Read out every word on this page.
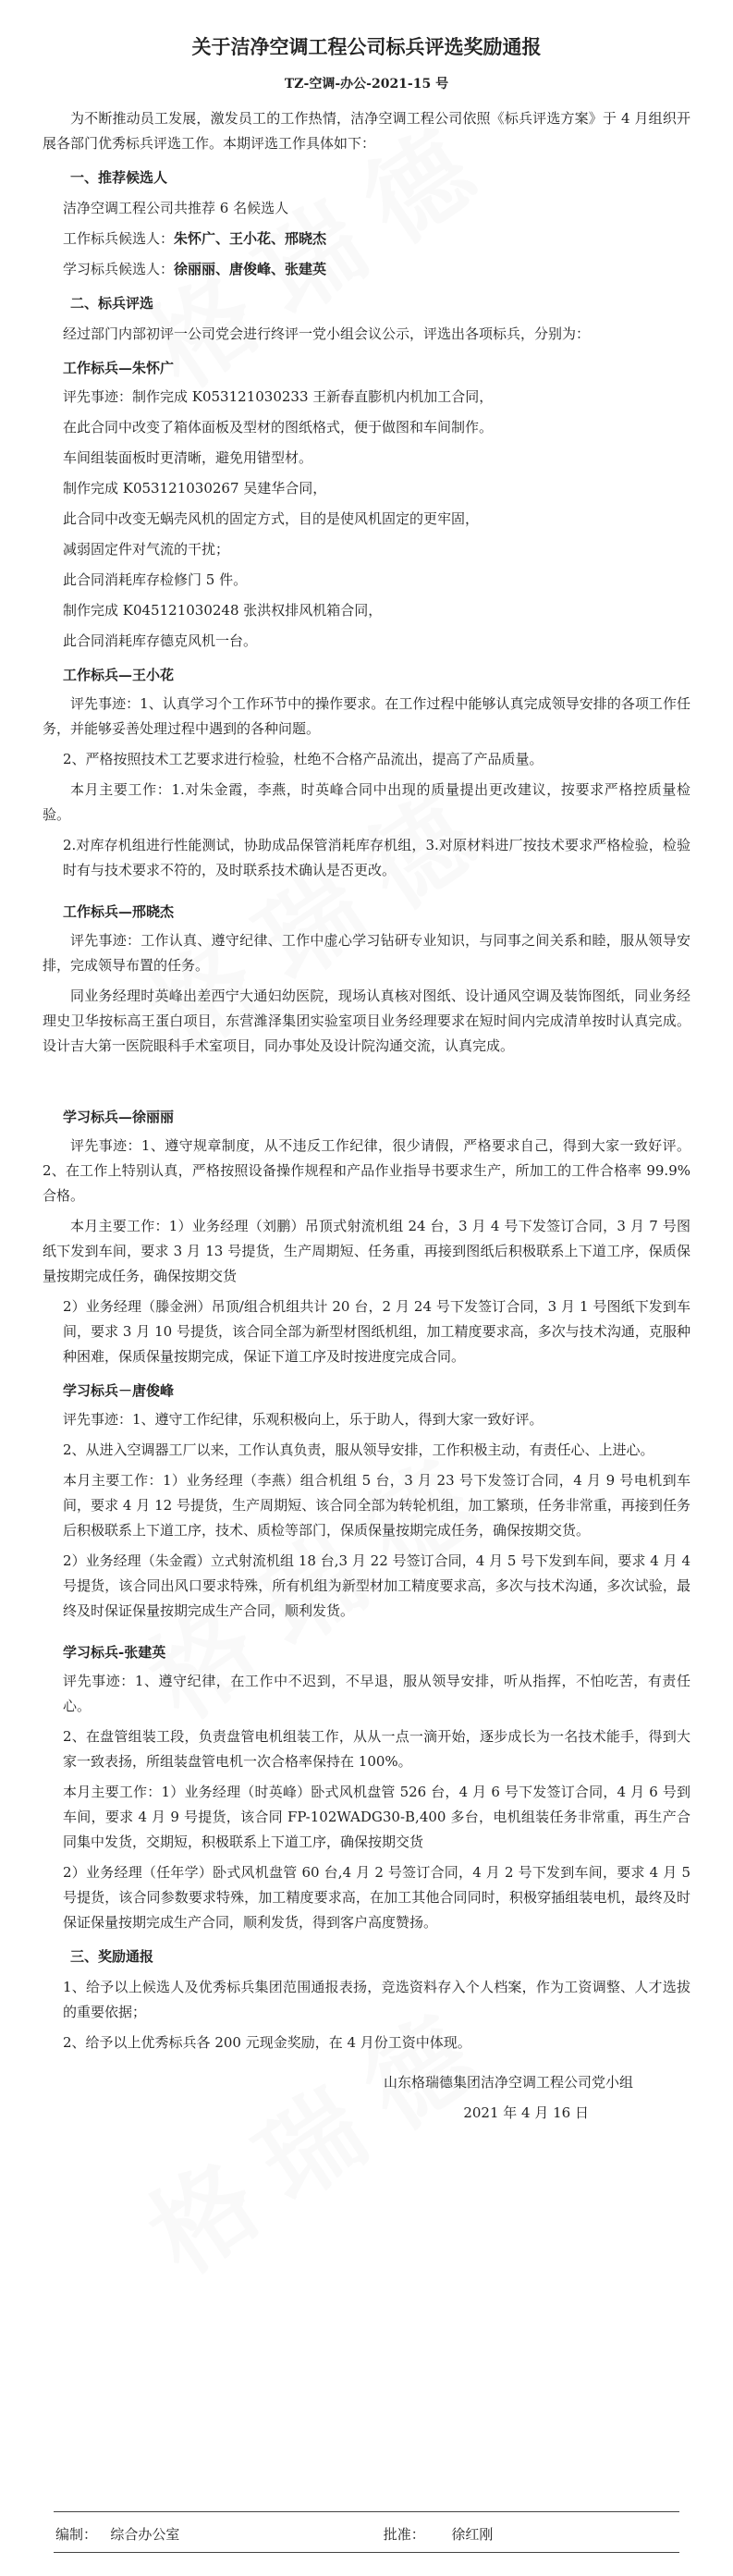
关于洁净空调工程公司标兵评选奖励通报
TZ-空调-办公-2021-15 号

为不断推动员工发展，激发员工的工作热情，洁净空调工程公司依照《标兵评选方案》于 4 月组织开展各部门优秀标兵评选工作。本期评选工作具体如下：

一、推荐候选人

洁净空调工程公司共推荐 6 名候选人

工作标兵候选人：朱怀广、王小花、邢晓杰

学习标兵候选人：徐丽丽、唐俊峰、张建英

二、标兵评选

经过部门内部初评一公司党会进行终评一党小组会议公示，评选出各项标兵，分别为：

工作标兵—朱怀广

评先事迹：制作完成 K053121030233 王新春直膨机内机加工合同，

在此合同中改变了箱体面板及型材的图纸格式，便于做图和车间制作。

车间组装面板时更清晰，避免用错型材。

制作完成 K053121030267 吴建华合同，

此合同中改变无蜗壳风机的固定方式，目的是使风机固定的更牢固，

减弱固定件对气流的干扰；

此合同消耗库存检修门 5 件。

制作完成 K045121030248 张洪权排风机箱合同，

此合同消耗库存德克风机一台。

工作标兵—王小花

评先事迹：1、认真学习个工作环节中的操作要求。在工作过程中能够认真完成领导安排的各项工作任务，并能够妥善处理过程中遇到的各种问题。

2、严格按照技术工艺要求进行检验，杜绝不合格产品流出，提高了产品质量。

本月主要工作：1.对朱金霞，李燕，时英峰合同中出现的质量提出更改建议，按要求严格控质量检验。

2.对库存机组进行性能测试，协助成品保管消耗库存机组，3.对原材料进厂按技术要求严格检验，检验时有与技术要求不符的，及时联系技术确认是否更改。

工作标兵—邢晓杰

评先事迹：工作认真、遵守纪律、工作中虚心学习钻研专业知识，与同事之间关系和睦，服从领导安排，完成领导布置的任务。

同业务经理时英峰出差西宁大通妇幼医院，现场认真核对图纸、设计通风空调及装饰图纸，同业务经理史卫华按标高王蛋白项目，东营潍泽集团实验室项目业务经理要求在短时间内完成清单按时认真完成。设计吉大第一医院眼科手术室项目，同办事处及设计院沟通交流，认真完成。

学习标兵—徐丽丽

评先事迹：1、遵守规章制度，从不违反工作纪律，很少请假，严格要求自己，得到大家一致好评。2、在工作上特别认真，严格按照设备操作规程和产品作业指导书要求生产，所加工的工件合格率 99.9%合格。

本月主要工作：1）业务经理（刘鹏）吊顶式射流机组 24 台，3 月 4 号下发签订合同，3 月 7 号图纸下发到车间，要求 3 月 13 号提货，生产周期短、任务重，再接到图纸后积极联系上下道工序，保质保量按期完成任务，确保按期交货

2）业务经理（滕金洲）吊顶/组合机组共计 20 台，2 月 24 号下发签订合同，3 月 1 号图纸下发到车间，要求 3 月 10 号提货，该合同全部为新型材图纸机组，加工精度要求高，多次与技术沟通，克服种种困难，保质保量按期完成，保证下道工序及时按进度完成合同。

学习标兵－唐俊峰

评先事迹：1、遵守工作纪律，乐观积极向上，乐于助人，得到大家一致好评。

2、从进入空调器工厂以来，工作认真负责，服从领导安排，工作积极主动，有责任心、上进心。

本月主要工作：1）业务经理（李燕）组合机组 5 台，3 月 23 号下发签订合同，4 月 9 号电机到车间，要求 4 月 12 号提货，生产周期短、该合同全部为转轮机组，加工繁琐，任务非常重，再接到任务后积极联系上下道工序，技术、质检等部门，保质保量按期完成任务，确保按期交货。

2）业务经理（朱金霞）立式射流机组 18 台,3 月 22 号签订合同，4 月 5 号下发到车间，要求 4 月 4 号提货，该合同出风口要求特殊，所有机组为新型材加工精度要求高，多次与技术沟通，多次试验，最终及时保证保量按期完成生产合同，顺利发货。

学习标兵-张建英

评先事迹：1、遵守纪律，在工作中不迟到，不早退，服从领导安排，听从指挥，不怕吃苦，有责任心。

2、在盘管组装工段，负责盘管电机组装工作，从从一点一滴开始，逐步成长为一名技术能手，得到大家一致表扬，所组装盘管电机一次合格率保持在 100%。

本月主要工作：1）业务经理（时英峰）卧式风机盘管 526 台，4 月 6 号下发签订合同，4 月 6 号到车间，要求 4 月 9 号提货，该合同 FP-102WADG30-B,400 多台，电机组装任务非常重，再生产合同集中发货，交期短，积极联系上下道工序，确保按期交货

2）业务经理（任年学）卧式风机盘管 60 台,4 月 2 号签订合同，4 月 2 号下发到车间，要求 4 月 5 号提货，该合同参数要求特殊，加工精度要求高，在加工其他合同同时，积极穿插组装电机，最终及时保证保量按期完成生产合同，顺利发货，得到客户高度赞扬。

三、奖励通报

1、给予以上候选人及优秀标兵集团范围通报表扬，竞选资料存入个人档案，作为工资调整、人才选拔的重要依据；

2、给予以上优秀标兵各 200 元现金奖励，在 4 月份工资中体现。

山东格瑞德集团洁净空调工程公司党小组

2021 年 4 月 16 日

编制： 综合办公室	批准： 徐红刚
